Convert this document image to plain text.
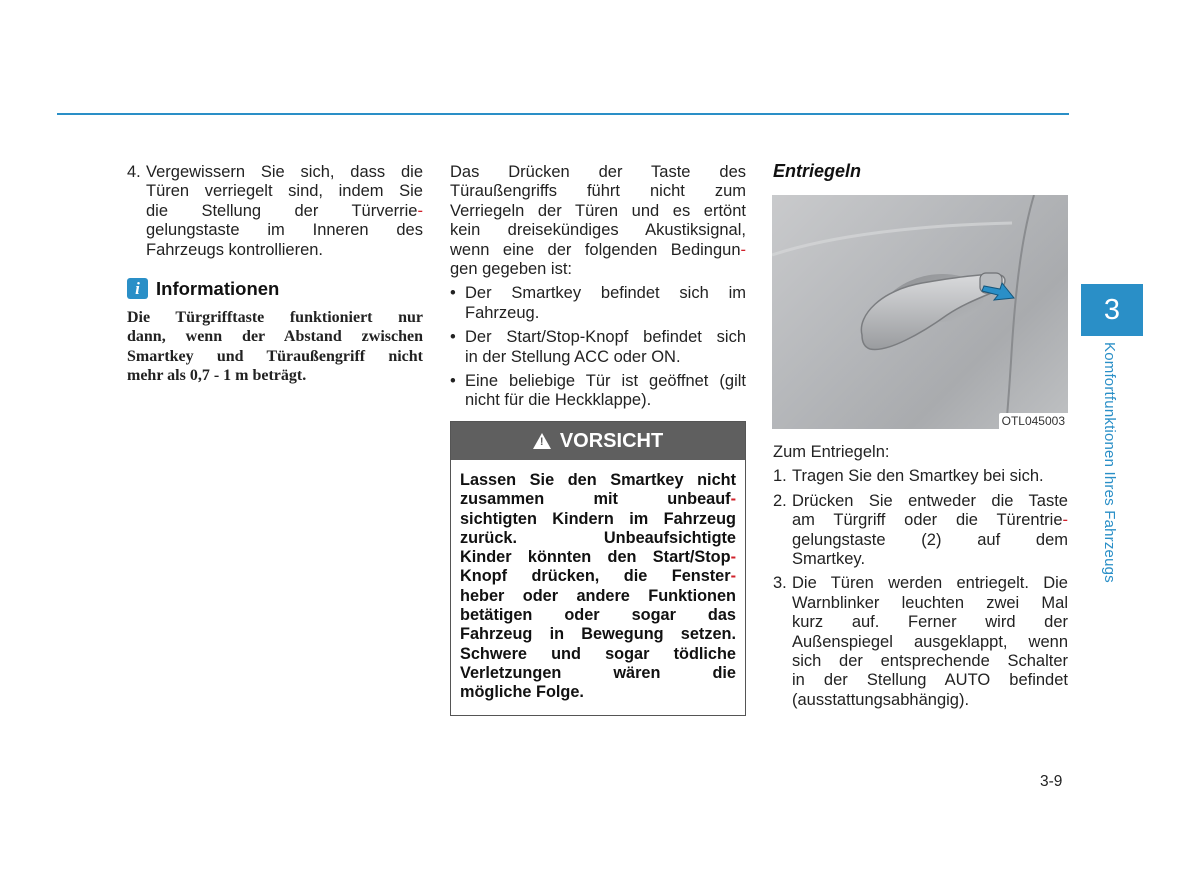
4. Vergewissern Sie sich, dass die
Türen verriegelt sind, indem Sie
die Stellung der Türverrie-
gelungstaste im Inneren des
Fahrzeugs kontrollieren.
i Informationen
Die Türgrifftaste funktioniert nur
dann, wenn der Abstand zwischen
Smartkey und Türaußengriff nicht
mehr als 0,7 - 1 m beträgt.
Das Drücken der Taste des
Türaußengriffs führt nicht zum
Verriegeln der Türen und es ertönt
kein dreisekündiges Akustiksignal,
wenn eine der folgenden Bedingun-
gen gegeben ist:
• Der Smartkey befindet sich im
Fahrzeug.
• Der Start/Stop-Knopf befindet sich
in der Stellung ACC oder ON.
• Eine beliebige Tür ist geöffnet (gilt
nicht für die Heckklappe).
! VORSICHT
Lassen Sie den Smartkey nicht
zusammen mit unbeauf-
sichtigten Kindern im Fahrzeug
zurück. Unbeaufsichtigte
Kinder könnten den Start/Stop-
Knopf drücken, die Fenster-
heber oder andere Funktionen
betätigen oder sogar das
Fahrzeug in Bewegung setzen.
Schwere und sogar tödliche
Verletzungen wären die
mögliche Folge.
Entriegeln
OTL045003
Zum Entriegeln:
1. Tragen Sie den Smartkey bei sich.
2. Drücken Sie entweder die Taste
am Türgriff oder die Türentrie-
gelungstaste (2) auf dem
Smartkey.
3. Die Türen werden entriegelt. Die
Warnblinker leuchten zwei Mal
kurz auf. Ferner wird der
Außenspiegel ausgeklappt, wenn
sich der entsprechende Schalter
in der Stellung AUTO befindet
(ausstattungsabhängig).
3
Komfortfunktionen Ihres Fahrzeugs
3-9
